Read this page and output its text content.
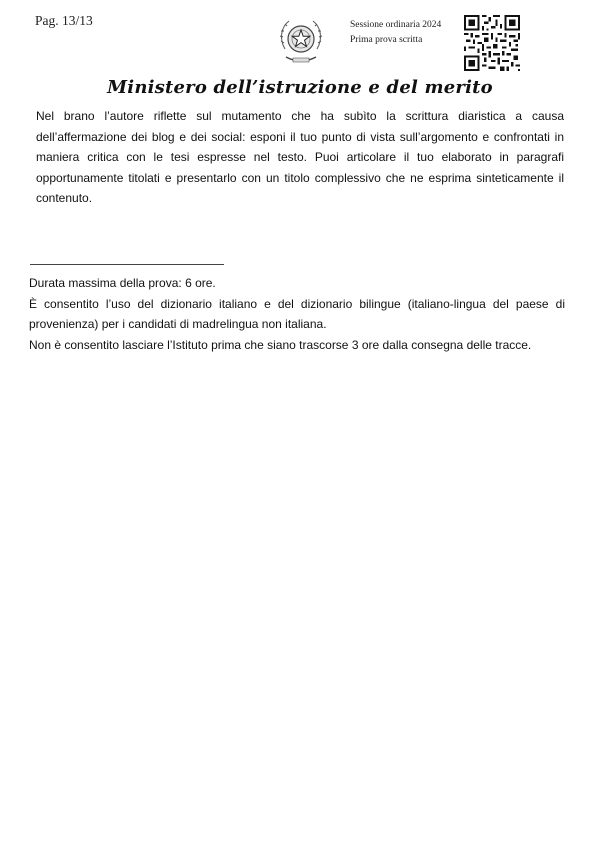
Pag. 13/13	Sessione ordinaria 2024
Prima prova scritta
Ministero dell’istruzione e del merito
Nel brano l’autore riflette sul mutamento che ha subìto la scrittura diaristica a causa dell’affermazione dei blog e dei social: esponi il tuo punto di vista sull’argomento e confrontati in maniera critica con le tesi espresse nel testo. Puoi articolare il tuo elaborato in paragrafi opportunamente titolati e presentarlo con un titolo complessivo che ne esprima sinteticamente il contenuto.

Durata massima della prova: 6 ore.

È consentito l’uso del dizionario italiano e del dizionario bilingue (italiano-lingua del paese di provenienza) per i candidati di madrelingua non italiana.

Non è consentito lasciare l’Istituto prima che siano trascorse 3 ore dalla consegna delle tracce.
